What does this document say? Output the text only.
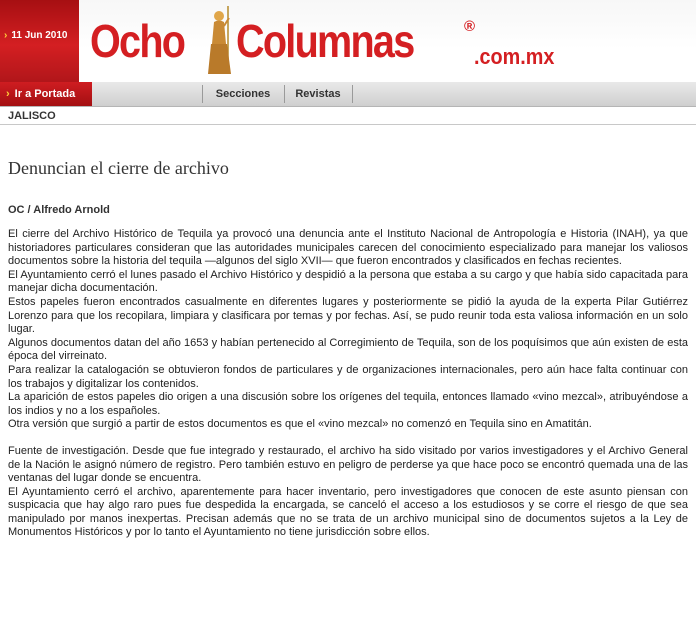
› 11 Jun 2010 Ocho Columnas	®
.com.mx
› Ir a Portada	Secciones	Revistas
JALISCO
Denuncian el cierre de archivo
OC / Alfredo Arnold

El cierre del Archivo Histórico de Tequila ya provocó una denuncia ante el Instituto Nacional de Antropología e Historia (INAH), ya que historiadores particulares consideran que las autoridades municipales carecen del conocimiento especializado para manejar los valiosos documentos sobre la historia del tequila —algunos del siglo XVII— que fueron encontrados y clasificados en fechas recientes.

El Ayuntamiento cerró el lunes pasado el Archivo Histórico y despidió a la persona que estaba a su cargo y que había sido capacitada para manejar dicha documentación.

Estos papeles fueron encontrados casualmente en diferentes lugares y posteriormente se pidió la ayuda de la experta Pilar Gutiérrez Lorenzo para que los recopilara, limpiara y clasificara por temas y por fechas. Así, se pudo reunir toda esta valiosa información en un solo lugar.

Algunos documentos datan del año 1653 y habían pertenecido al Corregimiento de Tequila, son de los poquísimos que aún existen de esta época del virreinato.

Para realizar la catalogación se obtuvieron fondos de particulares y de organizaciones internacionales, pero aún hace falta continuar con los trabajos y digitalizar los contenidos.

La aparición de estos papeles dio origen a una discusión sobre los orígenes del tequila, entonces llamado «vino mezcal», atribuyéndose a los indios y no a los españoles.

Otra versión que surgió a partir de estos documentos es que el «vino mezcal» no comenzó en Tequila sino en Amatitán.

Fuente de investigación. Desde que fue integrado y restaurado, el archivo ha sido visitado por varios investigadores y el Archivo General de la Nación le asignó número de registro. Pero también estuvo en peligro de perderse ya que hace poco se encontró quemada una de las ventanas del lugar donde se encuentra.

El Ayuntamiento cerró el archivo, aparentemente para hacer inventario, pero investigadores que conocen de este asunto piensan con suspicacia que hay algo raro pues fue despedida la encargada, se canceló el acceso a los estudiosos y se corre el riesgo de que sea manipulado por manos inexpertas. Precisan además que no se trata de un archivo municipal sino de documentos sujetos a la Ley de Monumentos Históricos y por lo tanto el Ayuntamiento no tiene jurisdicción sobre ellos.
